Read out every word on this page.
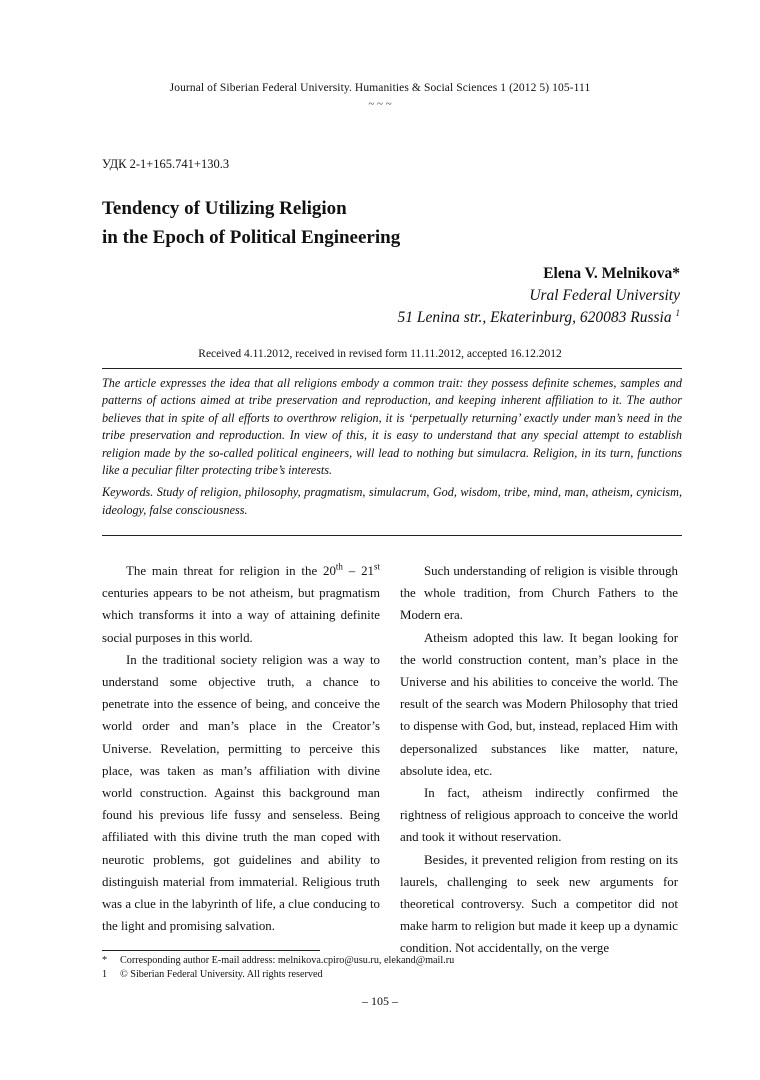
Journal of Siberian Federal University. Humanities & Social Sciences 1 (2012 5) 105-111
~ ~ ~
УДК 2-1+165.741+130.3
Tendency of Utilizing Religion
in the Epoch of Political Engineering
Elena V. Melnikova*
Ural Federal University
51 Lenina str., Ekaterinburg, 620083 Russia $^1$
Received 4.11.2012, received in revised form 11.11.2012, accepted 16.12.2012

The article expresses the idea that all religions embody a common trait: they possess definite schemes, samples and patterns of actions aimed at tribe preservation and reproduction, and keeping inherent affiliation to it. The author believes that in spite of all efforts to overthrow religion, it is ‘perpetually returning’ exactly under man’s need in the tribe preservation and reproduction. In view of this, it is easy to understand that any special attempt to establish religion made by the so-called political engineers, will lead to nothing but simulacra. Religion, in its turn, functions like a peculiar filter protecting tribe’s interests.

Keywords. Study of religion, philosophy, pragmatism, simulacrum, God, wisdom, tribe, mind, man, atheism, cynicism, ideology, false consciousness.

The main threat for religion in the 20th – 21st centuries appears to be not atheism, but pragmatism which transforms it into a way of attaining definite social purposes in this world.

In the traditional society religion was a way to understand some objective truth, a chance to penetrate into the essence of being, and conceive the world order and man’s place in the Creator’s Universe. Revelation, permitting to perceive this place, was taken as man’s affiliation with divine world construction. Against this background man found his previous life fussy and senseless. Being affiliated with this divine truth the man coped with neurotic problems, got guidelines and ability to distinguish material from immaterial. Religious truth was a clue in the labyrinth of life, a clue conducing to the light and promising salvation.

Such understanding of religion is visible through the whole tradition, from Church Fathers to the Modern era.

Atheism adopted this law. It began looking for the world construction content, man’s place in the Universe and his abilities to conceive the world. The result of the search was Modern Philosophy that tried to dispense with God, but, instead, replaced Him with depersonalized substances like matter, nature, absolute idea, etc.

In fact, atheism indirectly confirmed the rightness of religious approach to conceive the world and took it without reservation.

Besides, it prevented religion from resting on its laurels, challenging to seek new arguments for theoretical controversy. Such a competitor did not make harm to religion but made it keep up a dynamic condition. Not accidentally, on the verge

*	Corresponding author E-mail address: melnikova.cpiro@usu.ru, elekand@mail.ru
1	© Siberian Federal University. All rights reserved
– 105 –
